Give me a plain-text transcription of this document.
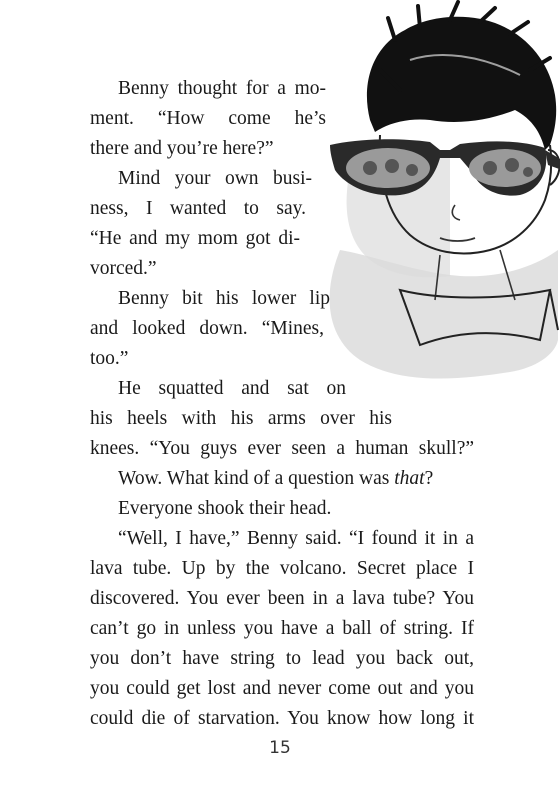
Benny thought for a mo-
ment. “How come he’s
there and you’re here?”
Mind your own busi-
ness, I wanted to say.
“He and my mom got di-
vorced.”
Benny bit his lower lip
and looked down. “Mines,
too.”
He squatted and sat on
his heels with his arms over his
knees. “You guys ever seen a human skull?”
Wow. What kind of a question was that?
Everyone shook their head.
“Well, I have,” Benny said. “I found it in a
lava tube. Up by the volcano. Secret place I
discovered. You ever been in a lava tube? You
can’t go in unless you have a ball of string. If
you don’t have string to lead you back out,
you could get lost and never come out and you
could die of starvation. You know how long it
15
